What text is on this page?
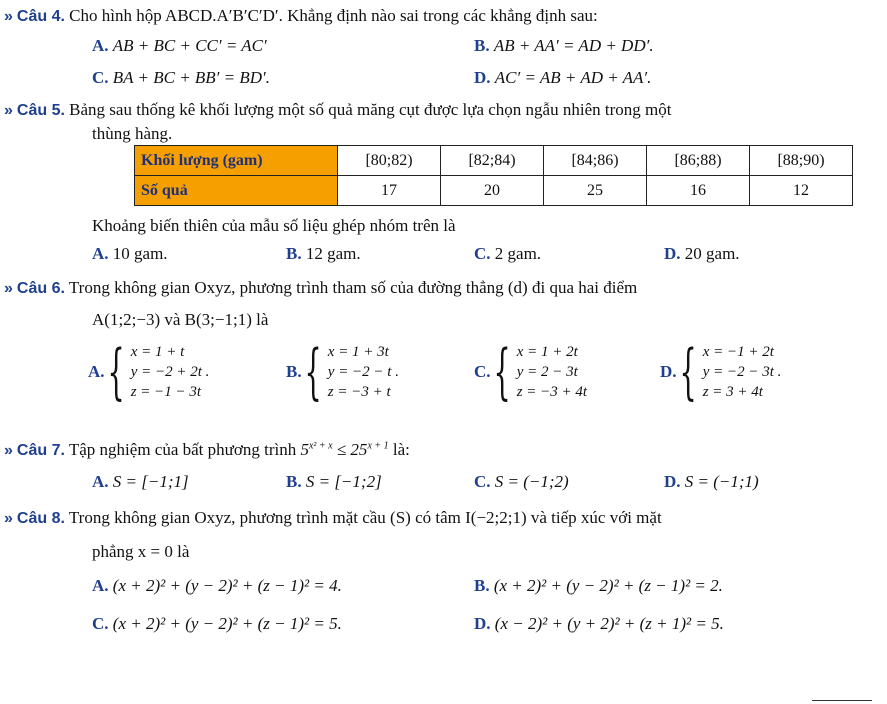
» Câu 4. Cho hình hộp ABCD.A′B′C′D′. Khẳng định nào sai trong các khẳng định sau:
A. AB + BC + CC′ = AC′	B. AB + AA′ = AD + DD′.
C. BA + BC + BB′ = BD′.	D. AC′ = AB + AD + AA′.
» Câu 5. Bảng sau thống kê khối lượng một số quả măng cụt được lựa chọn ngẫu nhiên trong một
thùng hàng.
Khối lượng (gam)	[80;82)	[82;84)	[84;86)	[86;88)	[88;90)
Số quả	17	20	25	16	12
Khoảng biến thiên của mẫu số liệu ghép nhóm trên là
A. 10 gam.	B. 12 gam.	C. 2 gam.	D. 20 gam.
» Câu 6. Trong không gian Oxyz, phương trình tham số của đường thẳng (d) đi qua hai điểm
A(1;2;−3) và B(3;−1;1) là
A. { x = 1 + t
y = −2 + 2t .
z = −1 − 3t
B. { x = 1 + 3t
y = −2 − t .
z = −3 + t
C. { x = 1 + 2t
y = 2 − 3t
z = −3 + 4t
D. { x = −1 + 2t
y = −2 − 3t .
z = 3 + 4t
» Câu 7. Tập nghiệm của bất phương trình $5^{x^2 + x} \le 25^{x + 1}$ là:
A. S = [−1;1]	B. S = [−1;2]	C. S = (−1;2)	D. S = (−1;1)
» Câu 8. Trong không gian Oxyz, phương trình mặt cầu (S) có tâm I(−2;2;1) và tiếp xúc với mặt
phẳng x = 0 là
A. (x + 2)² + (y − 2)² + (z − 1)² = 4.	B. (x + 2)² + (y − 2)² + (z − 1)² = 2.
C. (x + 2)² + (y − 2)² + (z − 1)² = 5.	D. (x − 2)² + (y + 2)² + (z + 1)² = 5.
